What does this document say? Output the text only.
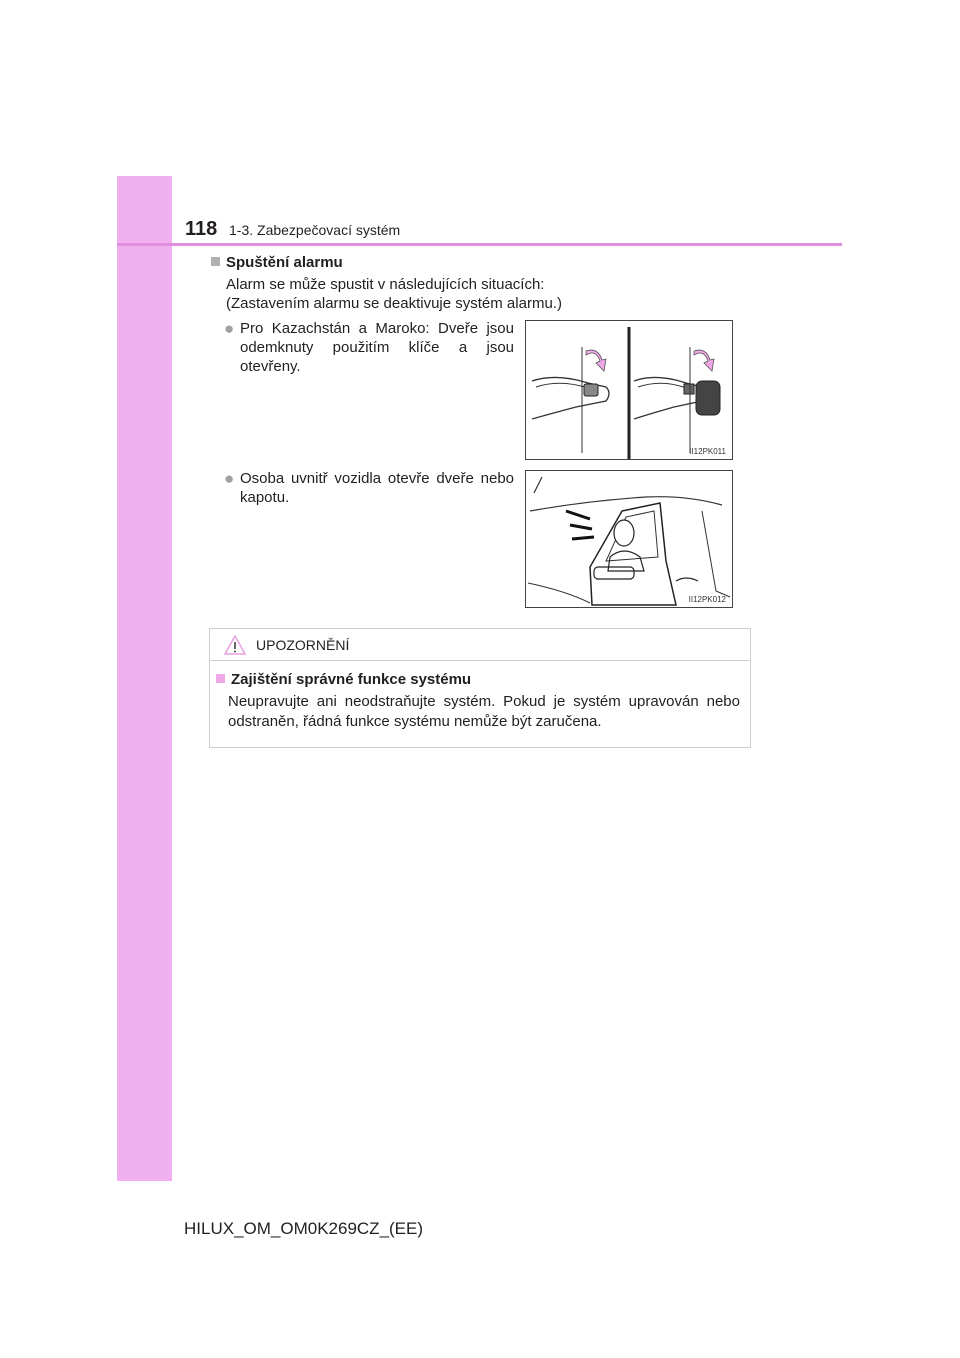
118 1-3. Zabezpečovací systém
Spuštění alarmu
Alarm se může spustit v následujících situacích:
(Zastavením alarmu se deaktivuje systém alarmu.)
● Pro Kazachstán a Maroko: Dveře jsou odemknuty použitím klíče a jsou otevřeny.
II12PK011
● Osoba uvnitř vozidla otevře dveře nebo kapotu.
II12PK012
UPOZORNĚNÍ
Zajištění správné funkce systému
Neupravujte ani neodstraňujte systém. Pokud je systém upravován nebo odstraněn, řádná funkce systému nemůže být zaručena.
HILUX_OM_OM0K269CZ_(EE)
